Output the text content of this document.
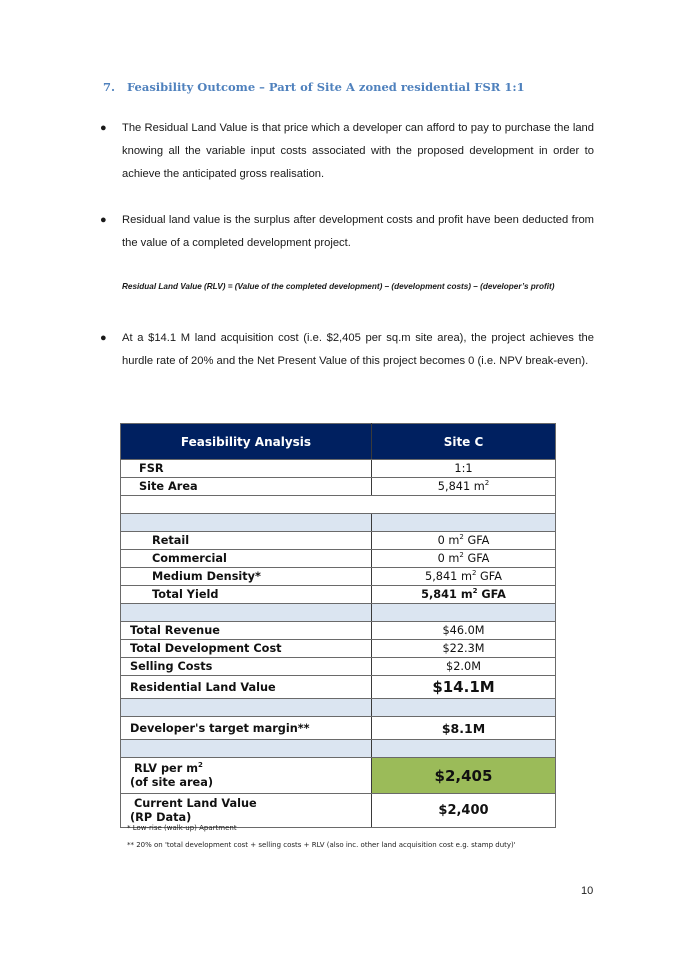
7. Feasibility Outcome – Part of Site A zoned residential FSR 1:1
● The Residual Land Value is that price which a developer can afford to pay to purchase the land knowing all the variable input costs associated with the proposed development in order to achieve the anticipated gross realisation.
● Residual land value is the surplus after development costs and profit have been deducted from the value of a completed development project.
Residual Land Value (RLV) = (Value of the completed development) – (development costs) – (developer’s profit)
● At a $14.1 M land acquisition cost (i.e. $2,405 per sq.m site area), the project achieves the hurdle rate of 20% and the Net Present Value of this project becomes 0 (i.e. NPV break-even).
Feasibility Analysis	Site C
FSR	1:1
Site Area	5,841 $m^2$

Retail	0 $m^2$ GFA
Commercial	0 $m^2$ GFA
Medium Density*	5,841 $m^2$ GFA
Total Yield	5,841 $m^2$ GFA

Total Revenue	$46.0M
Total Development Cost	$22.3M
Selling Costs	$2.0M
Residential Land Value	$14.1M

Developer's target margin**	$8.1M

RLV per $m^2$
(of site area)	$2,405

Current Land Value
(RP Data)	$2,400
* Low-rise (walk-up) Apartment
** 20% on 'total development cost + selling costs + RLV (also inc. other land acquisition cost e.g. stamp duty)'
10
